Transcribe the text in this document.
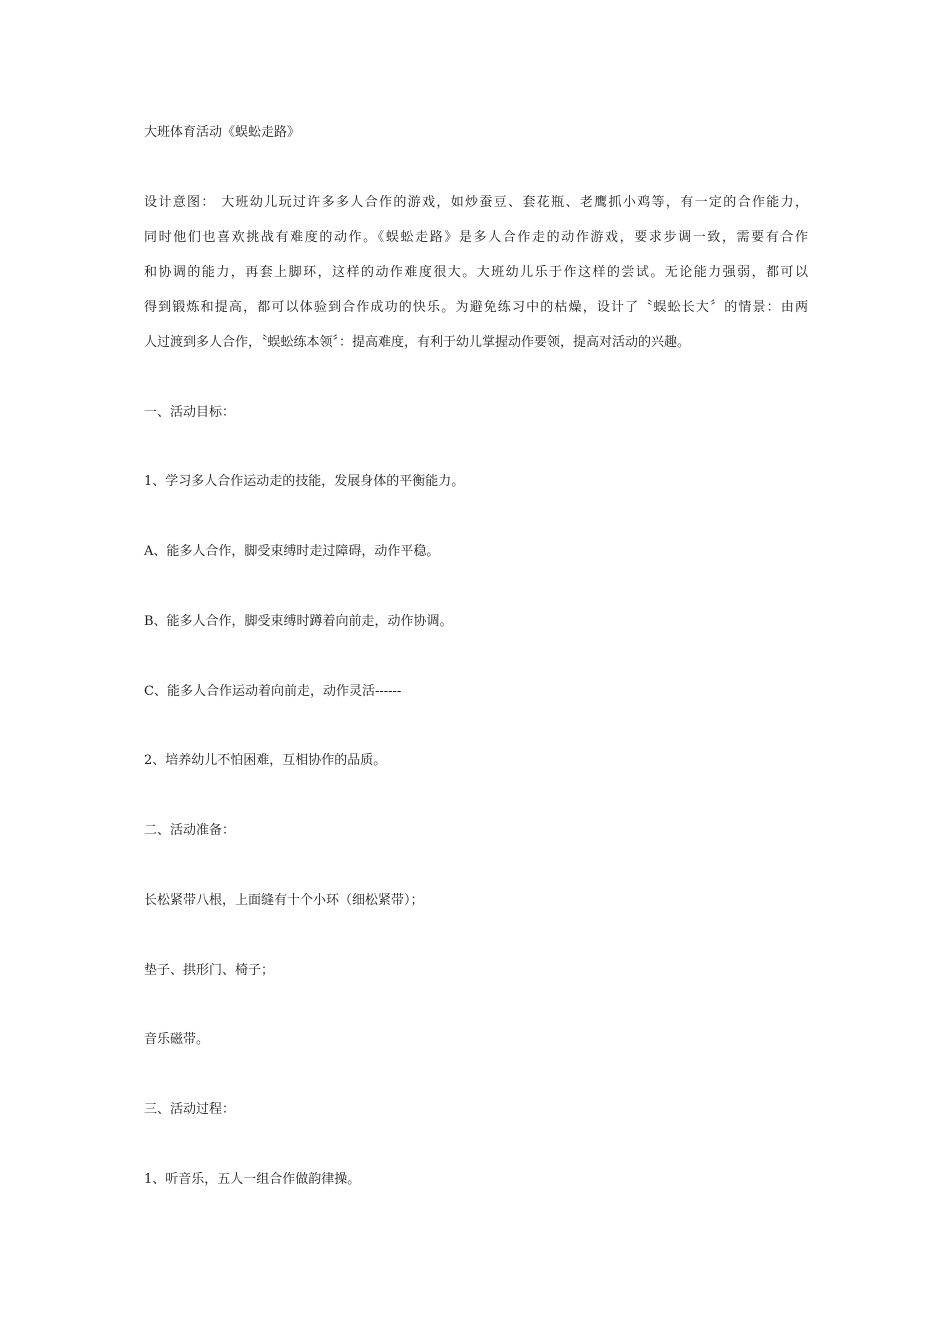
大班体育活动《蜈蚣走路》

设计意图： 大班幼儿玩过许多多人合作的游戏，如炒蚕豆、套花瓶、老鹰抓小鸡等，有一定的合作能力，
同时他们也喜欢挑战有难度的动作。《蜈蚣走路》是多人合作走的动作游戏，要求步调一致，需要有合作
和协调的能力，再套上脚环，这样的动作难度很大。大班幼儿乐于作这样的尝试。无论能力强弱，都可以
得到锻炼和提高，都可以体验到合作成功的快乐。为避免练习中的枯燥，设计了〝蜈蚣长大〞的情景：由两
人过渡到多人合作，〝蜈蚣练本领〞：提高难度，有利于幼儿掌握动作要领，提高对活动的兴趣。

一、活动目标：

1、学习多人合作运动走的技能，发展身体的平衡能力。

A、能多人合作，脚受束缚时走过障碍，动作平稳。

B、能多人合作，脚受束缚时蹲着向前走，动作协调。

C、能多人合作运动着向前走，动作灵活------

2、培养幼儿不怕困难，互相协作的品质。

二、活动准备：

长松紧带八根，上面缝有十个小环（细松紧带）；

垫子、拱形门、椅子；

音乐磁带。

三、活动过程：

1、听音乐，五人一组合作做韵律操。
